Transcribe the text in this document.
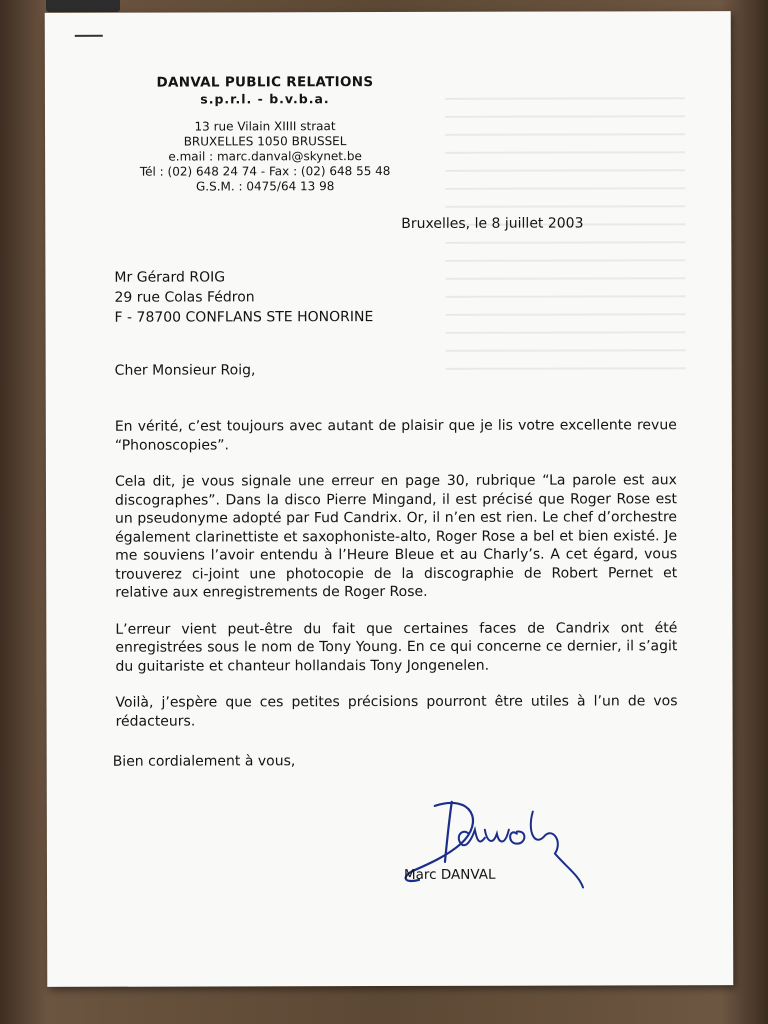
DANVAL PUBLIC RELATIONS

s.p.r.l. - b.v.b.a.

13 rue Vilain XIIII straat

BRUXELLES 1050 BRUSSEL

e.mail : marc.danval@skynet.be

Tél : (02) 648 24 74 - Fax : (02) 648 55 48

G.S.M. : 0475/64 13 98

Bruxelles, le 8 juillet 2003
Mr Gérard ROIG
29 rue Colas Fédron
F - 78700 CONFLANS STE HONORINE
Cher Monsieur Roig,

En vérité, c’est toujours avec autant de plaisir que je lis votre excellente revue “Phonoscopies”.

Cela dit, je vous signale une erreur en page 30, rubrique “La parole est aux discographes”. Dans la disco Pierre Mingand, il est précisé que Roger Rose est un pseudonyme adopté par Fud Candrix. Or, il n’en est rien. Le chef d’orchestre également clarinettiste et saxophoniste-alto, Roger Rose a bel et bien existé. Je me souviens l’avoir entendu à l’Heure Bleue et au Charly’s. A cet égard, vous trouverez ci-joint une photocopie de la discographie de Robert Pernet et relative aux enregistrements de Roger Rose.

L’erreur vient peut-être du fait que certaines faces de Candrix ont été enregistrées sous le nom de Tony Young. En ce qui concerne ce dernier, il s’agit du guitariste et chanteur hollandais Tony Jongenelen.

Voilà, j’espère que ces petites précisions pourront être utiles à l’un de vos rédacteurs.

Bien cordialement à vous,
Marc DANVAL
